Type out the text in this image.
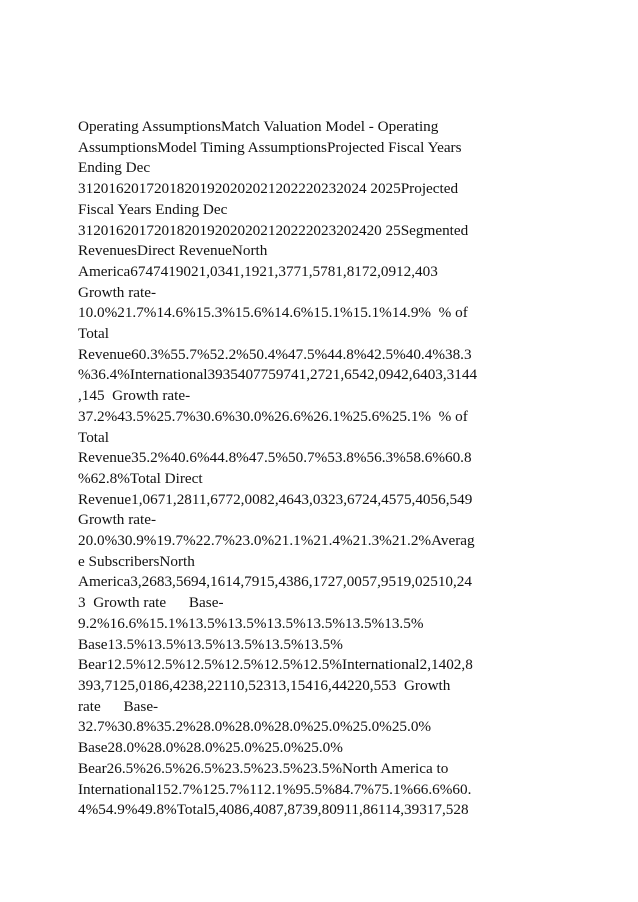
Operating AssumptionsMatch Valuation Model - Operating
AssumptionsModel Timing AssumptionsProjected Fiscal Years
Ending Dec
31201620172018201920202021202220232024 2025Projected
Fiscal Years Ending Dec
3120162017201820192020202120222023202420 25Segmented
RevenuesDirect RevenueNorth
America6747419021,0341,1921,3771,5781,8172,0912,403
Growth rate-
10.0%21.7%14.6%15.3%15.6%14.6%15.1%15.1%14.9%  % of
Total
Revenue60.3%55.7%52.2%50.4%47.5%44.8%42.5%40.4%38.3
%36.4%International3935407759741,2721,6542,0942,6403,3144
,145  Growth rate-
37.2%43.5%25.7%30.6%30.0%26.6%26.1%25.6%25.1%  % of
Total
Revenue35.2%40.6%44.8%47.5%50.7%53.8%56.3%58.6%60.8
%62.8%Total Direct
Revenue1,0671,2811,6772,0082,4643,0323,6724,4575,4056,549
Growth rate-
20.0%30.9%19.7%22.7%23.0%21.1%21.4%21.3%21.2%Averag
e SubscribersNorth
America3,2683,5694,1614,7915,4386,1727,0057,9519,02510,24
3  Growth rate      Base-
9.2%16.6%15.1%13.5%13.5%13.5%13.5%13.5%13.5%
Base13.5%13.5%13.5%13.5%13.5%13.5%
Bear12.5%12.5%12.5%12.5%12.5%12.5%International2,1402,8
393,7125,0186,4238,22110,52313,15416,44220,553  Growth
rate      Base-
32.7%30.8%35.2%28.0%28.0%28.0%25.0%25.0%25.0%
Base28.0%28.0%28.0%25.0%25.0%25.0%
Bear26.5%26.5%26.5%23.5%23.5%23.5%North America to
International152.7%125.7%112.1%95.5%84.7%75.1%66.6%60.
4%54.9%49.8%Total5,4086,4087,8739,80911,86114,39317,528
